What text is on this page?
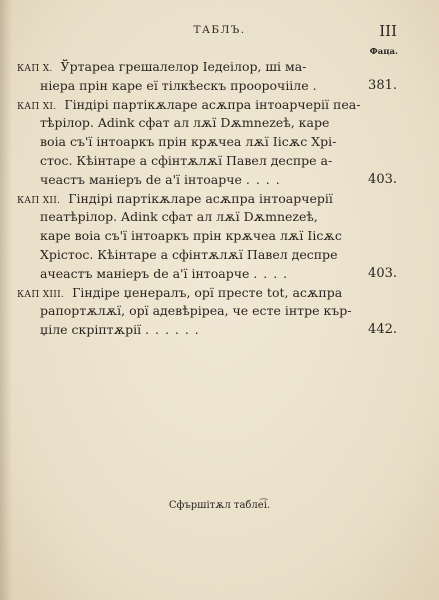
ТАБЛЪ.	III
Фаца.
КАП X. Ўртареа грешалелор Ieдеiлор, шi ма-
нiера прiн каре eї тiлкѣескъ проорочiiле .	381.
КАП XI. Гiндiрi партiкѫларе асѫпра iнтоарчерiї пеа-
тѣрiлор. Adink сфат ал лѫї Dѫmnezeѣ, каре
воiа съ'ї iнтоаркъ прiн крѫчеа лѫї Iiсѫс Хрi-
стос. Кѣiнтаре а сфiнтѫлѫї Павел деспре а-
чеастъ манiеръ de a'ї iнтоарче . . . .	403.
КАП XII. Гiндiрi партiкѫларе асѫпра iнтоарчерiї
пеатѣрiлор. Adink сфат ал лѫї Dѫmnezeѣ,
каре воiа съ'ї iнтоаркъ прiн крѫчеа лѫї Iiсѫс
Хрiстос. Кѣiнтаре а сфiнтѫлѫї Павел деспре
ачеастъ манiеръ de a'ї iнтоарче . . . .	403.
КАП XIII. Гiндiре џенералъ, орї престе tot, асѫпра
рапортѫлѫї, орї адевѣрiреа, че есте iнтре кър-
џiле скрiптѫрiї . . . . . .	442.
Сфършiтѫл табле͡і.
